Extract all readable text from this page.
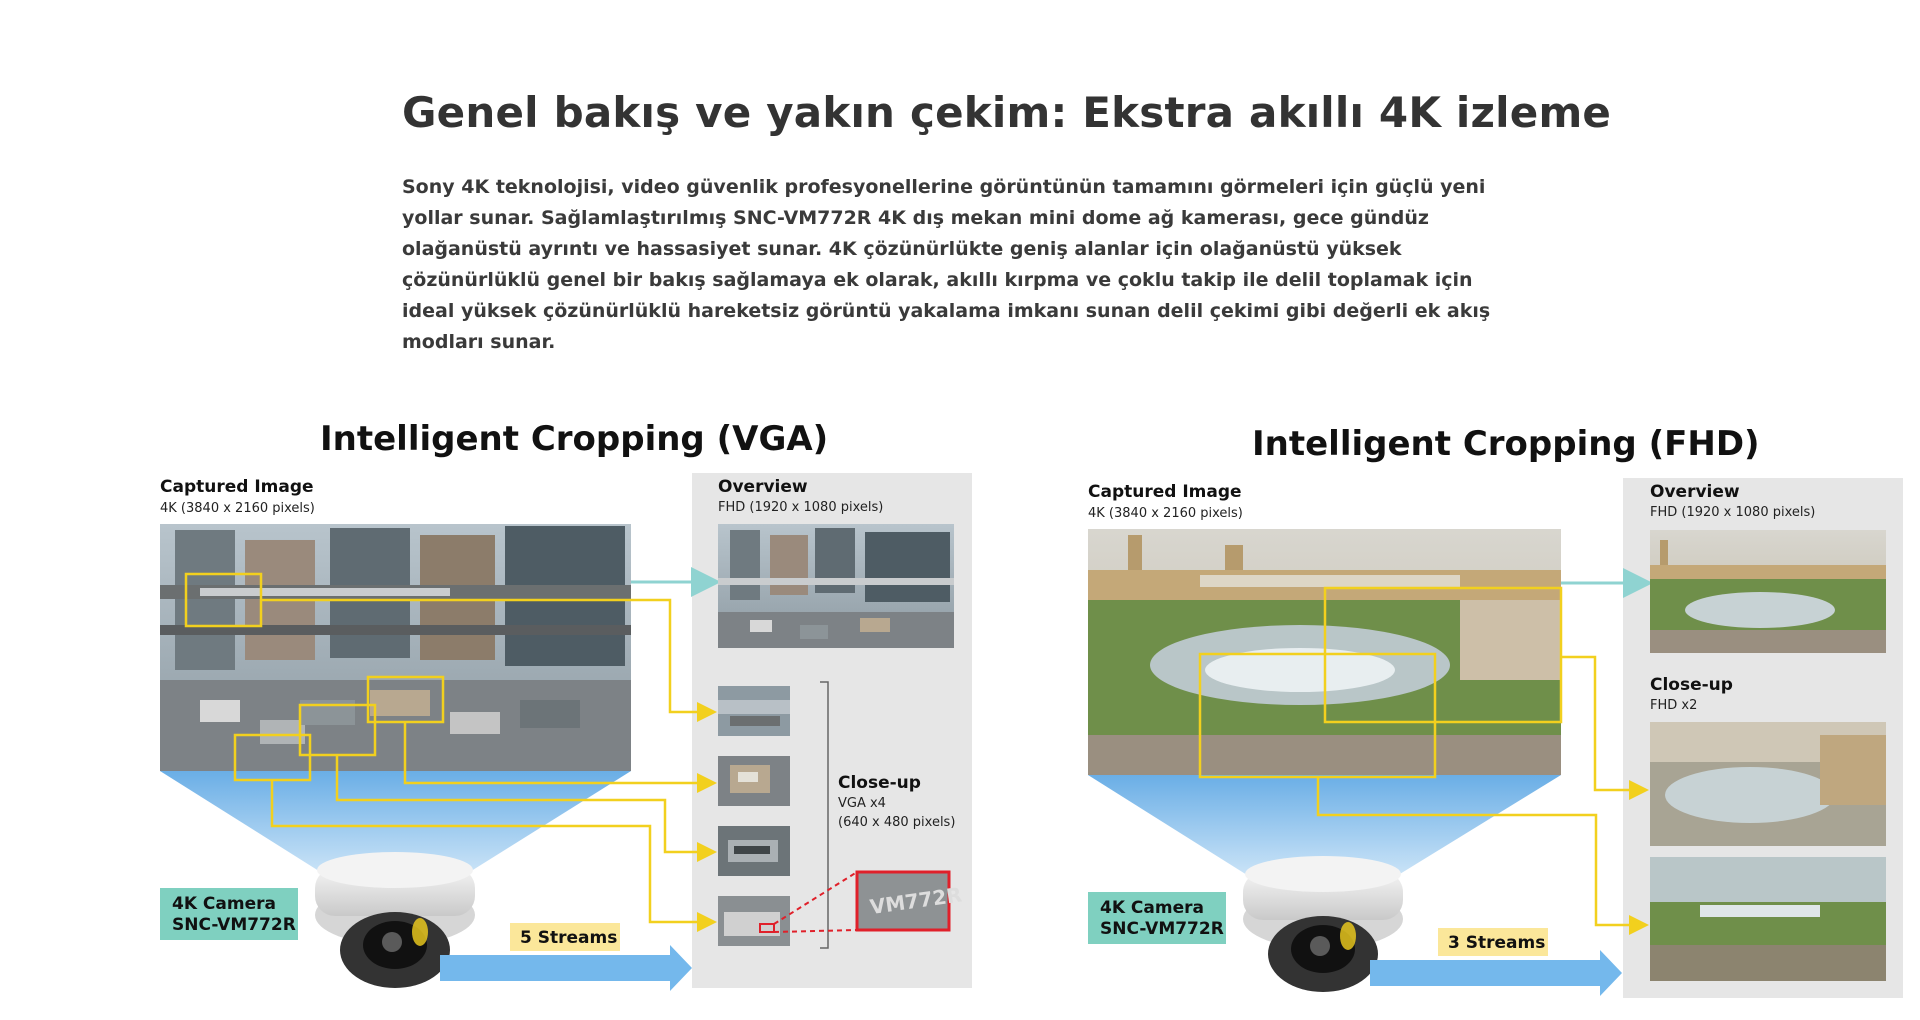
Genel bakış ve yakın çekim: Ekstra akıllı 4K izleme

Sony 4K teknolojisi, video güvenlik profesyonellerine görüntünün tamamını görmeleri için güçlü yeni yollar sunar. Sağlamlaştırılmış SNC-VM772R 4K dış mekan mini dome ağ kamerası, gece gündüz olağanüstü ayrıntı ve hassasiyet sunar. 4K çözünürlükte geniş alanlar için olağanüstü yüksek çözünürlüklü genel bir bakış sağlamaya ek olarak, akıllı kırpma ve çoklu takip ile delil toplamak için ideal yüksek çözünürlüklü hareketsiz görüntü yakalama imkanı sunan delil çekimi gibi değerli ek akış modları sunar.

Intelligent Cropping (VGA)
Captured Image
4K (3840 x 2160 pixels)
Overview
FHD (1920 x 1080 pixels)
Close-up
VGA x4
(640 x 480 pixels)
VM772R
4K Camera
SNC-VM772R
5 Streams
Intelligent Cropping (FHD)
Captured Image
4K (3840 x 2160 pixels)
Overview
FHD (1920 x 1080 pixels)
Close-up
FHD x2
4K Camera
SNC-VM772R
3 Streams
